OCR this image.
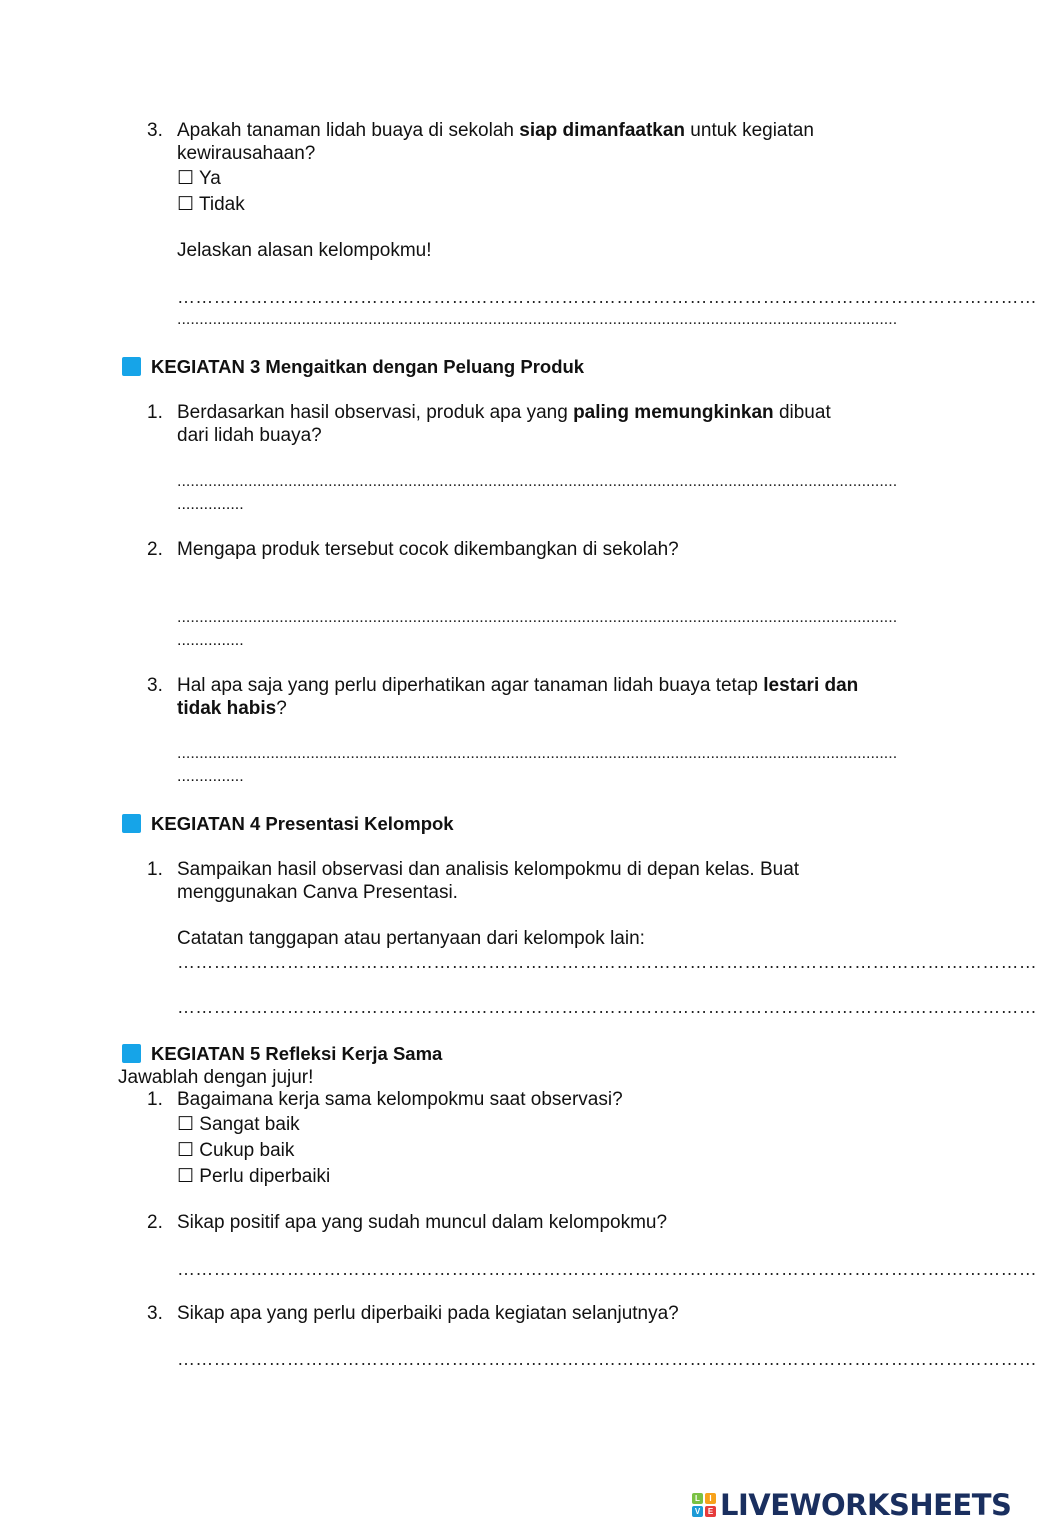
3. Apakah tanaman lidah buaya di sekolah siap dimanfaatkan untuk kegiatan
kewirausahaan?
☐ Ya
☐ Tidak
Jelaskan alasan kelompokmu!
……………………………………………………………………………………………………………………………
..................................................................................................................................................................
KEGIATAN 3 Mengaitkan dengan Peluang Produk
1. Berdasarkan hasil observasi, produk apa yang paling memungkinkan dibuat
dari lidah buaya?
..................................................................................................................................................................
...............
2. Mengapa produk tersebut cocok dikembangkan di sekolah?
..................................................................................................................................................................
...............
3. Hal apa saja yang perlu diperhatikan agar tanaman lidah buaya tetap lestari dan
tidak habis?
..................................................................................................................................................................
...............
KEGIATAN 4 Presentasi Kelompok
1. Sampaikan hasil observasi dan analisis kelompokmu di depan kelas. Buat
menggunakan Canva Presentasi.
Catatan tanggapan atau pertanyaan dari kelompok lain:
……………………………………………………………………………………………………………………………
……………………………………………………………………………………………………………………………
KEGIATAN 5 Refleksi Kerja Sama
Jawablah dengan jujur!
1. Bagaimana kerja sama kelompokmu saat observasi?
☐ Sangat baik
☐ Cukup baik
☐ Perlu diperbaiki
2. Sikap positif apa yang sudah muncul dalam kelompokmu?
……………………………………………………………………………………………………………………………
3. Sikap apa yang perlu diperbaiki pada kegiatan selanjutnya?
……………………………………………………………………………………………………………………………
L	I
V E LIVEWORKSHEETS
